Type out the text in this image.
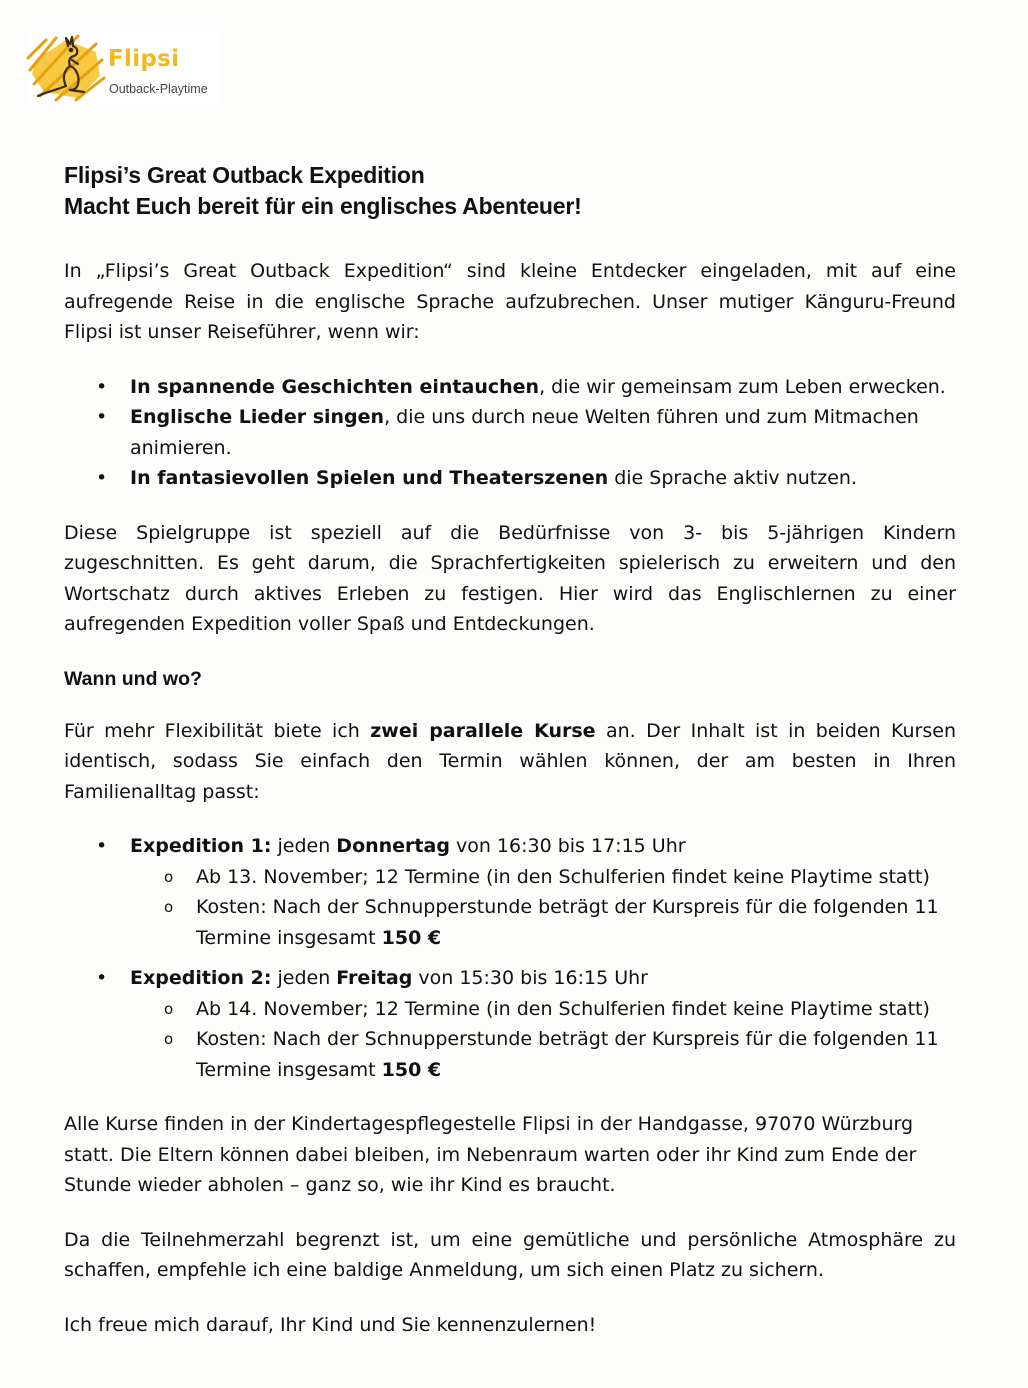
Flipsi
Outback-Playtime
Flipsi’s Great Outback Expedition
Macht Euch bereit für ein englisches Abenteuer!

In „Flipsi’s Great Outback Expedition“ sind kleine Entdecker eingeladen, mit auf eine aufregende Reise in die englische Sprache aufzubrechen. Unser mutiger Känguru-Freund Flipsi ist unser Reiseführer, wenn wir:

• In spannende Geschichten eintauchen, die wir gemeinsam zum Leben erwecken.
• Englische Lieder singen, die uns durch neue Welten führen und zum Mitmachen animieren.
• In fantasievollen Spielen und Theaterszenen die Sprache aktiv nutzen.

Diese Spielgruppe ist speziell auf die Bedürfnisse von 3- bis 5-jährigen Kindern zugeschnitten. Es geht darum, die Sprachfertigkeiten spielerisch zu erweitern und den Wortschatz durch aktives Erleben zu festigen. Hier wird das Englischlernen zu einer aufregenden Expedition voller Spaß und Entdeckungen.

Wann und wo?

Für mehr Flexibilität biete ich zwei parallele Kurse an. Der Inhalt ist in beiden Kursen identisch, sodass Sie einfach den Termin wählen können, der am besten in Ihren Familienalltag passt:

• Expedition 1: jeden Donnertag von 16:30 bis 17:15 Uhr
o Ab 13. November; 12 Termine (in den Schulferien findet keine Playtime statt)
o Kosten: Nach der Schnupperstunde beträgt der Kurspreis für die folgenden 11 Termine insgesamt 150 €
• Expedition 2: jeden Freitag von 15:30 bis 16:15 Uhr
o Ab 14. November; 12 Termine (in den Schulferien findet keine Playtime statt)
o Kosten: Nach der Schnupperstunde beträgt der Kurspreis für die folgenden 11 Termine insgesamt 150 €

Alle Kurse finden in der Kindertagespflegestelle Flipsi in der Handgasse, 97070 Würzburg statt. Die Eltern können dabei bleiben, im Nebenraum warten oder ihr Kind zum Ende der Stunde wieder abholen – ganz so, wie ihr Kind es braucht.

Da die Teilnehmerzahl begrenzt ist, um eine gemütliche und persönliche Atmosphäre zu schaffen, empfehle ich eine baldige Anmeldung, um sich einen Platz zu sichern.

Ich freue mich darauf, Ihr Kind und Sie kennenzulernen!
